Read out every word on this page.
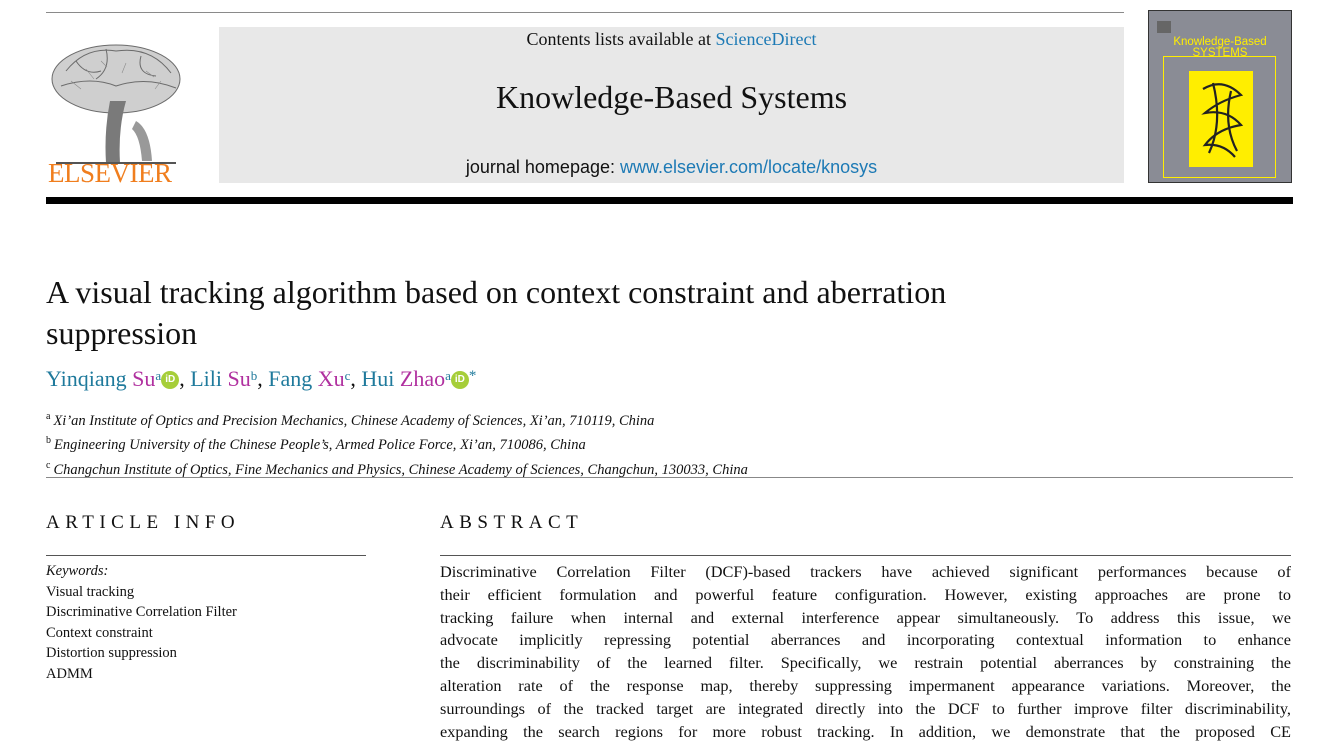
ELSEVIER
Contents lists available at ScienceDirect
Knowledge-Based Systems
journal homepage: www.elsevier.com/locate/knosys
Knowledge-Based
SYSTEMS
A visual tracking algorithm based on context constraint and aberration suppression
Yinqiang Su$^a$ iD , Lili Su$^b$, Fang Xu$^c$, Hui Zhao$^a$ iD *
$^a$ Xi’an Institute of Optics and Precision Mechanics, Chinese Academy of Sciences, Xi’an, 710119, China
$^b$ Engineering University of the Chinese People’s, Armed Police Force, Xi’an, 710086, China
$^c$ Changchun Institute of Optics, Fine Mechanics and Physics, Chinese Academy of Sciences, Changchun, 130033, China
ARTICLE INFO
Keywords:
Visual tracking
Discriminative Correlation Filter
Context constraint
Distortion suppression
ADMM
ABSTRACT
Discriminative Correlation Filter (DCF)-based trackers have achieved significant performances because of
their efficient formulation and powerful feature configuration. However, existing approaches are prone to
tracking failure when internal and external interference appear simultaneously. To address this issue, we
advocate implicitly repressing potential aberrances and incorporating contextual information to enhance
the discriminability of the learned filter. Specifically, we restrain potential aberrances by constraining the
alteration rate of the response map, thereby suppressing impermanent appearance variations. Moreover, the
surroundings of the tracked target are integrated directly into the DCF to further improve filter discriminability,
expanding the search regions for more robust tracking. In addition, we demonstrate that the proposed CE
